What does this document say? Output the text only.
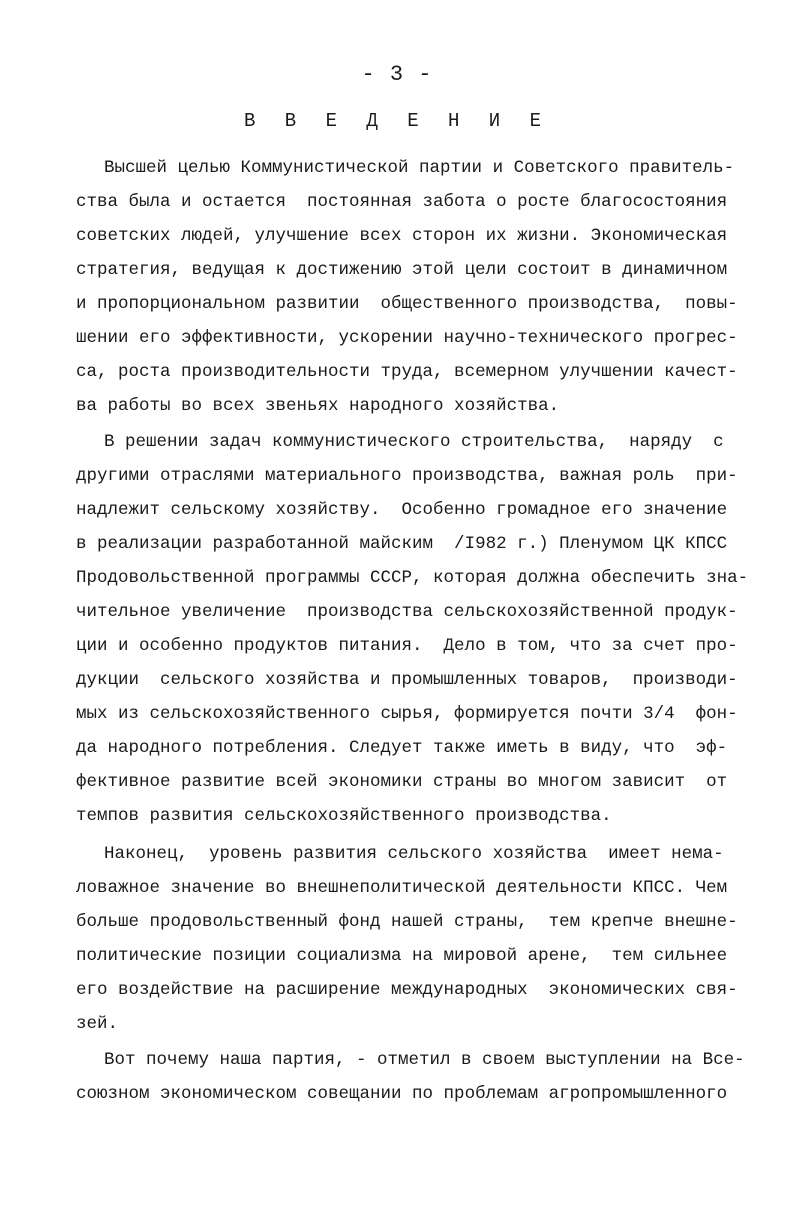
- 3 -
В В Е Д Е Н И Е
Высшей целью Коммунистической партии и Советского правитель-
ства была и остается  постоянная забота о росте благосостояния
советских людей, улучшение всех сторон их жизни. Экономическая
стратегия, ведущая к достижению этой цели состоит в динамичном
и пропорциональном развитии  общественного производства,  повы-
шении его эффективности, ускорении научно-технического прогрес-
са, роста производительности труда, всемерном улучшении качест-
ва работы во всех звеньях народного хозяйства.
В решении задач коммунистического строительства,  наряду  с
другими отраслями материального производства, важная роль  при-
надлежит сельскому хозяйству.  Особенно громадное его значение
в реализации разработанной майским  /I982 г.) Пленумом ЦК КПСС
Продовольственной программы СССР, которая должна обеспечить зна-
чительное увеличение  производства сельскохозяйственной продук-
ции и особенно продуктов питания.  Дело в том, что за счет про-
дукции  сельского хозяйства и промышленных товаров,  производи-
мых из сельскохозяйственного сырья, формируется почти 3/4  фон-
да народного потребления. Следует также иметь в виду, что  эф-
фективное развитие всей экономики страны во многом зависит  от
темпов развития сельскохозяйственного производства.
Наконец,  уровень развития сельского хозяйства  имеет нема-
ловажное значение во внешнеполитической деятельности КПСС. Чем
больше продовольственный фонд нашей страны,  тем крепче внешне-
политические позиции социализма на мировой арене,  тем сильнее
его воздействие на расширение международных  экономических свя-
зей.
Вот почему наша партия, - отметил в своем выступлении на Все-
союзном экономическом совещании по проблемам агропромышленного
